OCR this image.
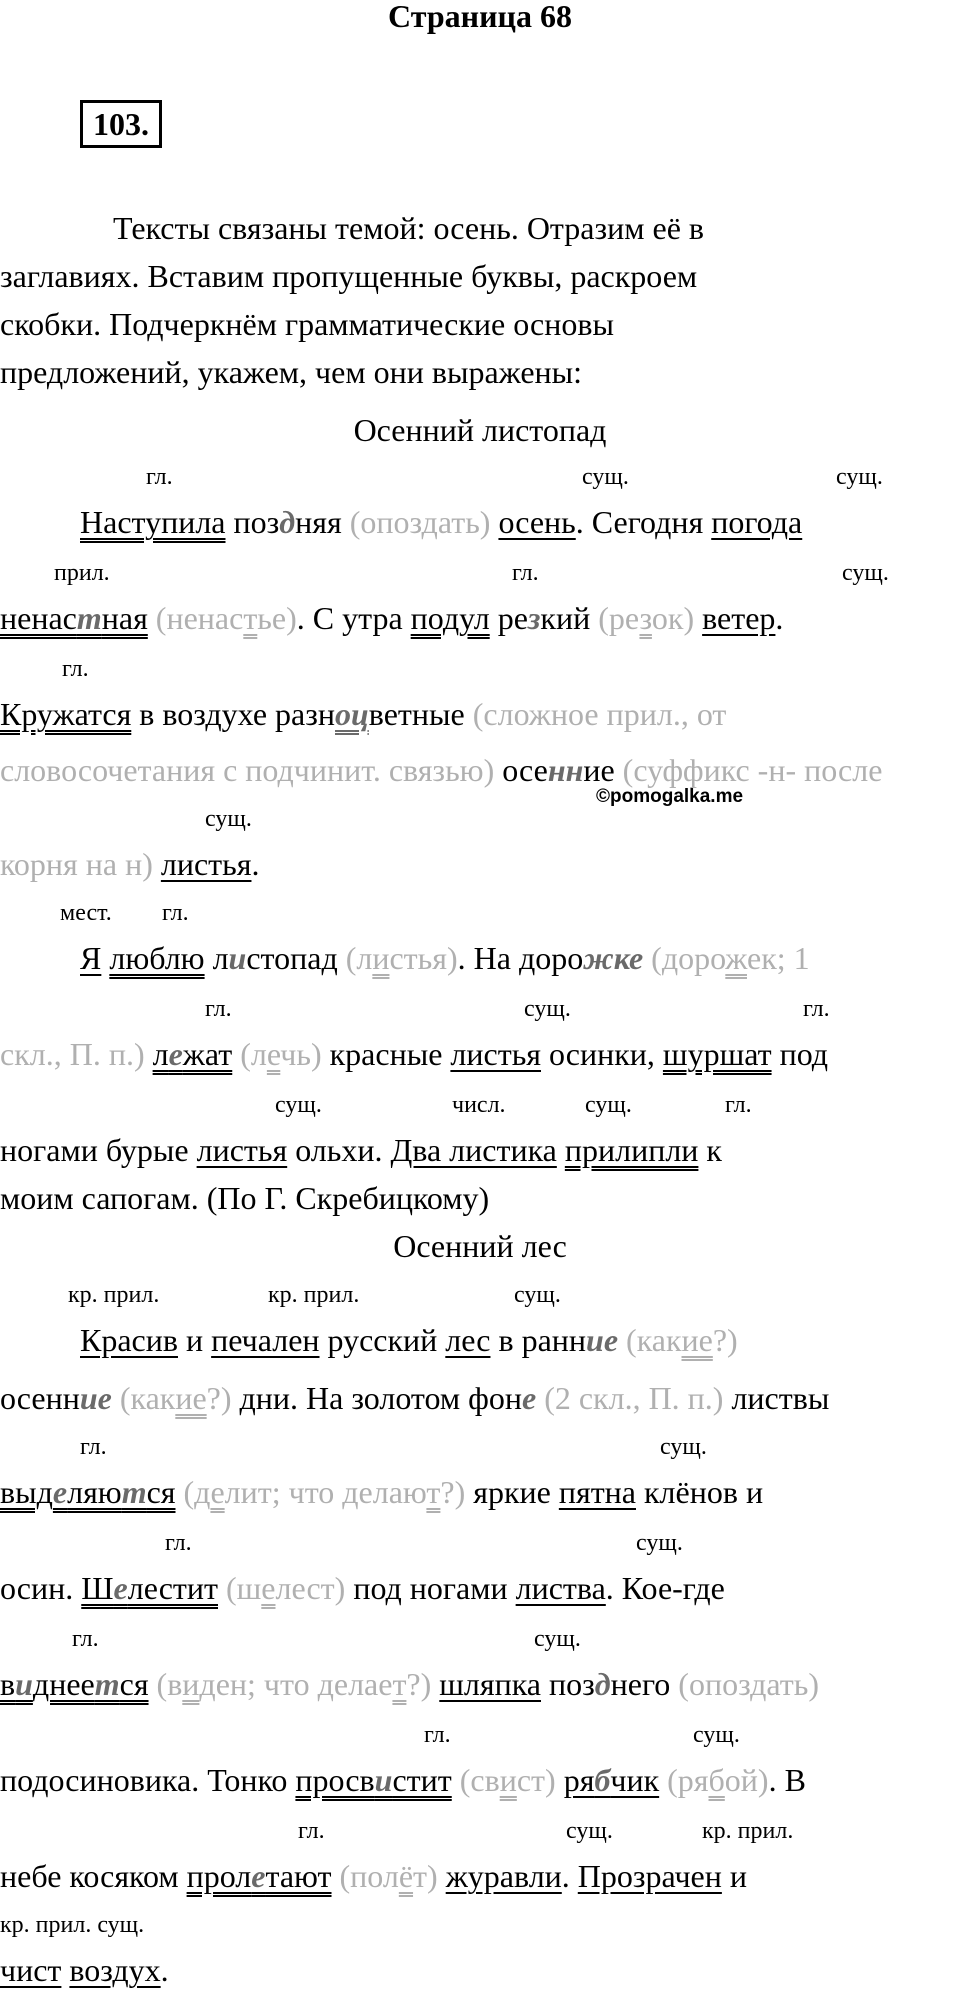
Страница 68
103.
Тексты связаны темой: осень. Отразим её в
заглавиях. Вставим пропущенные буквы, раскроем
скобки. Подчеркнём грамматические основы
предложений, укажем, чем они выражены:
Осенний листопад
гл.	сущ.	сущ.
Наступила поздняя (опоздать) осень. Сегодня погода
прил.	гл.	сущ.
ненастная (ненастье). С утра подул резкий (резок) ветер.
гл.
Кружатся в воздухе разноцветные (сложное прил., от
словосочетания с подчинит. связью) осенние (суффикс -н- после
©pomogalka.me
сущ.
корня на н) листья.
мест. гл.
Я люблю листопад (листья). На дорожке (дорожек; 1
гл.	сущ.	гл.
скл., П. п.) лежат (лечь) красные листья осинки, шуршат под
сущ.	числ.	сущ.	гл.
ногами бурые листья ольхи. Два листика прилипли к
моим сапогам. (По Г. Скребицкому)
Осенний лес
кр. прил.	кр. прил.	сущ.
Красив и печален русский лес в ранние (какие?)
осенние (какие?) дни. На золотом фоне (2 скл., П. п.) листвы
гл.	сущ.
выделяются (делит; что делают?) яркие пятна клёнов и
гл.	сущ.
осин. Шелестит (шелест) под ногами листва. Кое-где
гл.	сущ.
виднеется (виден; что делает?) шляпка позднего (опоздать)
гл.	сущ.
подосиновика. Тонко просвистит (свист) рябчик (рябой). В
гл.	сущ.	кр. прил.
небе косяком пролетают (полёт) журавли. Прозрачен и
кр. прил. сущ.
чист воздух.
